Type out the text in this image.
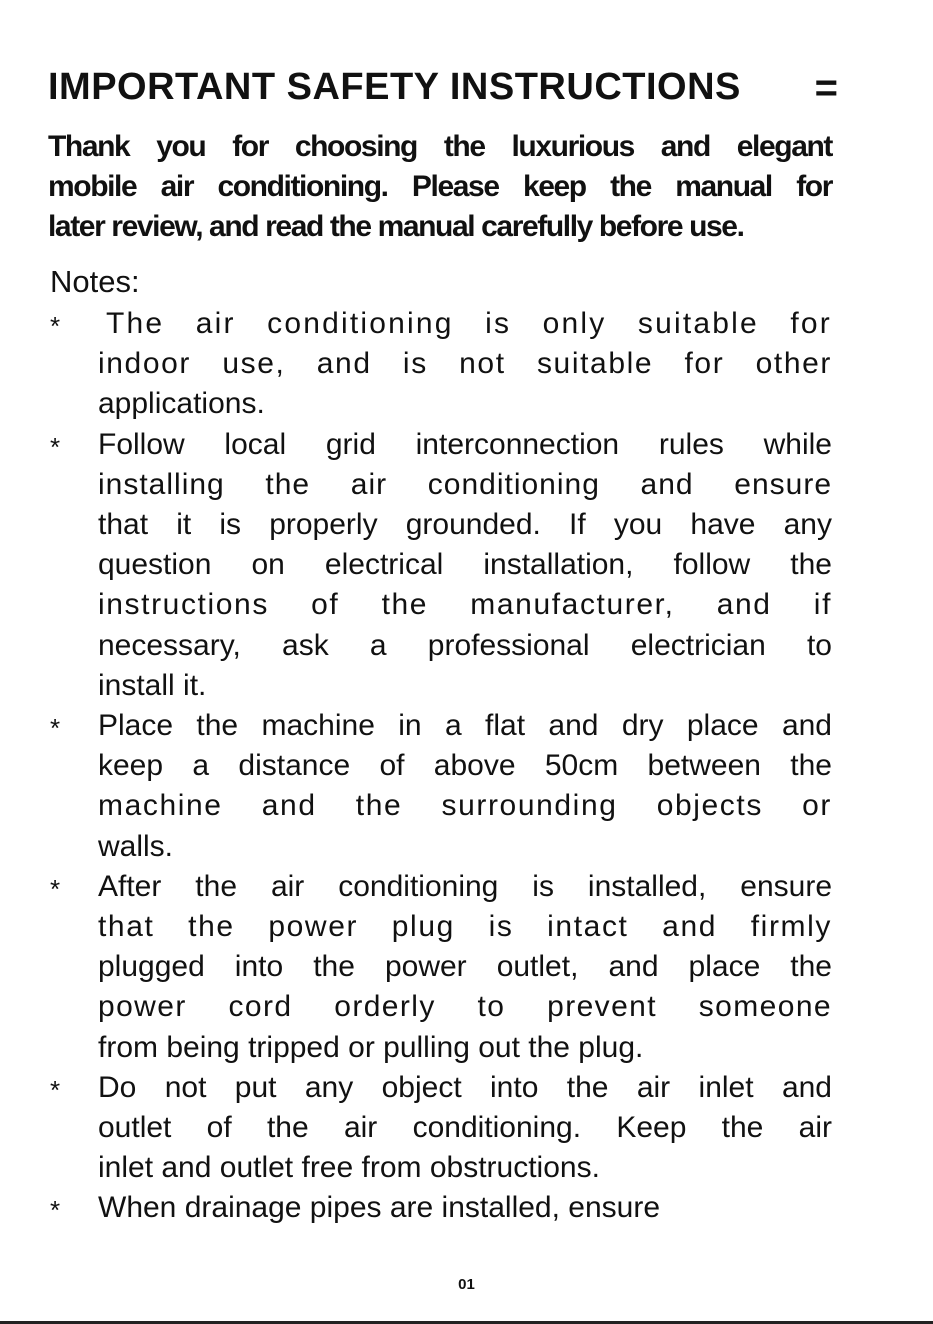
IMPORTANT SAFETY INSTRUCTIONS =
Thank you for choosing the luxurious and elegant
mobile air conditioning. Please keep the manual for
later review, and read the manual carefully before use.
Notes:
* The air conditioning is only suitable for
indoor use, and is not suitable for other
applications.
* Follow local grid interconnection rules while
installing the air conditioning and ensure
that it is properly grounded. If you have any
question on electrical installation, follow the
instructions of the manufacturer, and if
necessary, ask a professional electrician to
install it.
* Place the machine in a flat and dry place and
keep a distance of above 50cm between the
machine and the surrounding objects or
walls.
* After the air conditioning is installed, ensure
that the power plug is intact and firmly
plugged into the power outlet, and place the
power cord orderly to prevent someone
from being tripped or pulling out the plug.
* Do not put any object into the air inlet and
outlet of the air conditioning. Keep the air
inlet and outlet free from obstructions.
* When drainage pipes are installed, ensure
01
